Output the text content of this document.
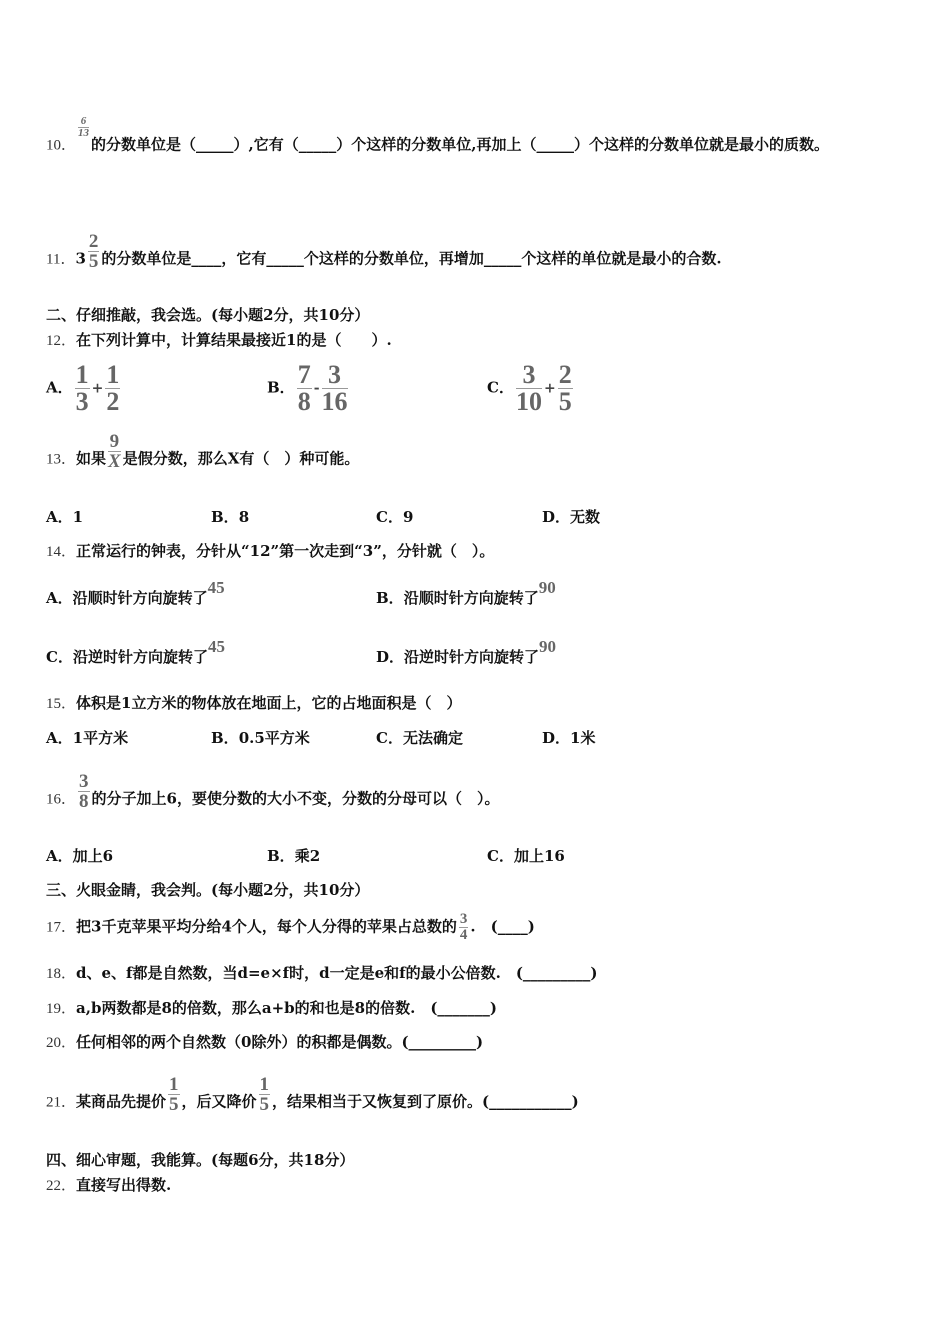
10．
$\frac{6}{13}$
的分数单位是（_____）,它有（_____）个这样的分数单位,再加上（_____）个这样的分数单位就是最小的质数。
11．$3 \frac{2}{5}$ 的分数单位是____，它有_____个这样的分数单位，再增加_____个这样的单位就是最小的合数.
二、仔细推敲，我会选。(每小题2分，共10分）
12．在下列计算中，计算结果最接近1的是（　　）.
A． $\frac{1}{3} + \frac{1}{2}$	B． $\frac{7}{8} - \frac{3}{16}$	C． $\frac{3}{10} + \frac{2}{5}$
13．如果 $\frac{9}{X}$ 是假分数，那么X有（　）种可能。
A．1	B．8	C．9	D．无数
14．正常运行的钟表，分针从“12”第一次走到“3”，分针就（　）。
A．沿顺时针方向旋转了45
B．沿顺时针方向旋转了90
C．沿逆时针方向旋转了45
D．沿逆时针方向旋转了90
15．体积是1立方米的物体放在地面上，它的占地面积是（　）
A．1平方米	B．0.5平方米	C．无法确定	D．1米
16． $\frac{3}{8}$ 的分子加上6，要使分数的大小不变，分数的分母可以（　）。
A．加上6	B．乘2	C．加上16
三、火眼金睛，我会判。(每小题2分，共10分）
17．把3千克苹果平均分给4个人，每个人分得的苹果占总数的 $\frac{3}{4}$ .　(____)
18．d、e、f都是自然数，当d=e×f时，d一定是e和f的最小公倍数.　(_________)
19．a,b两数都是8的倍数，那么a+b的和也是8的倍数.　(_______)
20．任何相邻的两个自然数（0除外）的积都是偶数。(_________)
21．某商品先提价 $\frac{1}{5}$ ，后又降价 $\frac{1}{5}$ ，结果相当于又恢复到了原价。(___________)
四、细心审题，我能算。(每题6分，共18分）
22．直接写出得数.
